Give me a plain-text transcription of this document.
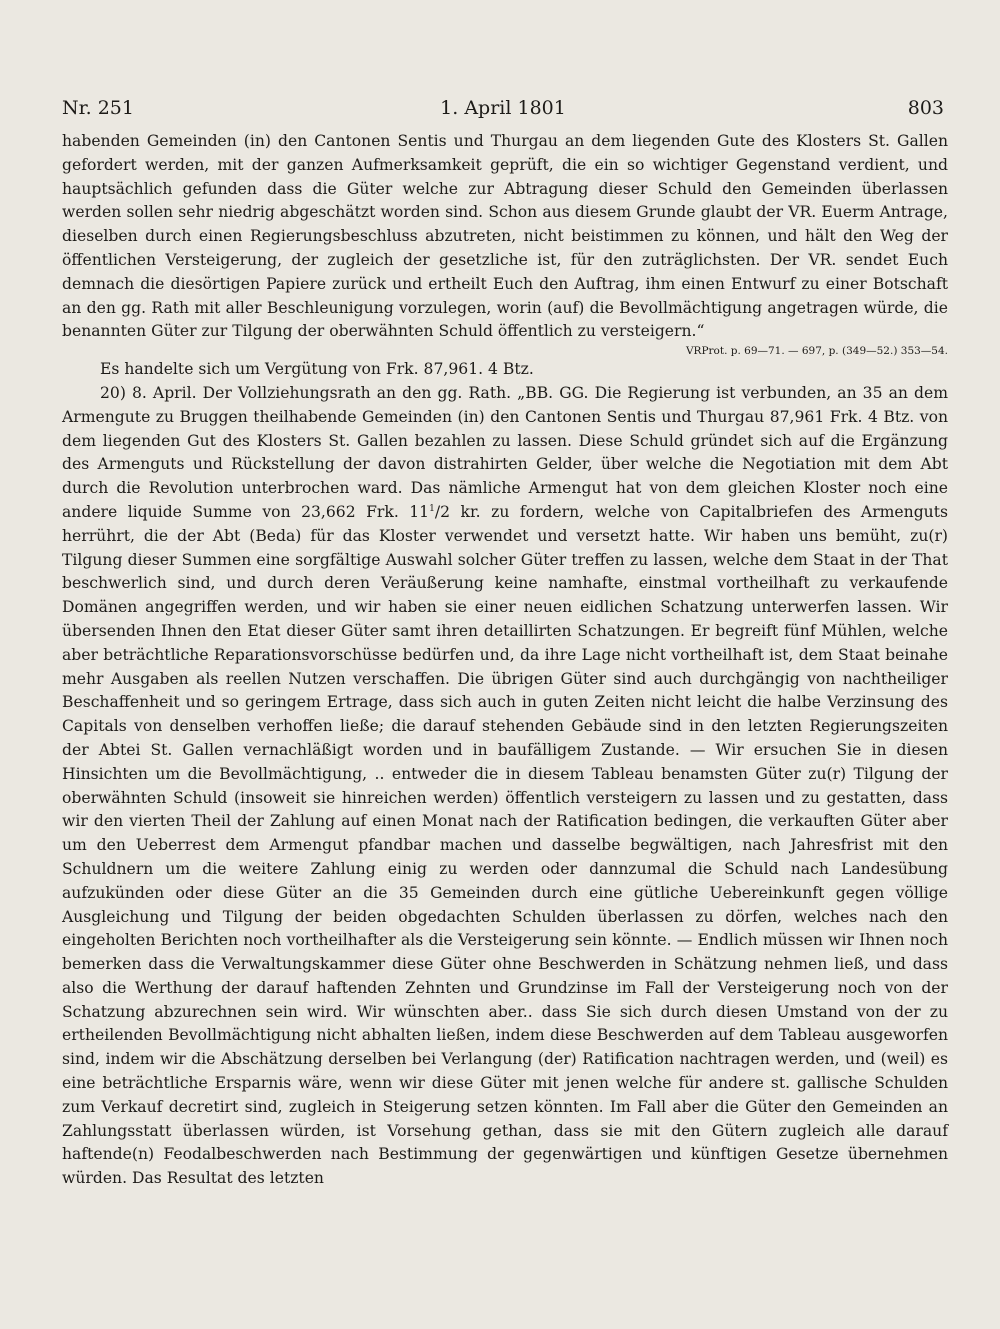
Nr. 251	1. April 1801	803

habenden Gemeinden (in) den Cantonen Sentis und Thurgau an dem liegenden Gute des Klosters St. Gallen gefordert werden, mit der ganzen Aufmerksamkeit geprüft, die ein so wichtiger Gegenstand verdient, und hauptsächlich gefunden dass die Güter welche zur Abtragung dieser Schuld den Gemeinden überlassen werden sollen sehr niedrig abgeschätzt worden sind. Schon aus diesem Grunde glaubt der VR. Euerm Antrage, dieselben durch einen Regierungsbeschluss abzutreten, nicht beistimmen zu können, und hält den Weg der öffentlichen Versteigerung, der zugleich der gesetzliche ist, für den zuträglichsten. Der VR. sendet Euch demnach die diesörtigen Papiere zurück und ertheilt Euch den Auftrag, ihm einen Entwurf zu einer Botschaft an den gg. Rath mit aller Beschleunigung vorzulegen, worin (auf) die Bevollmächtigung angetragen würde, die benannten Güter zur Tilgung der oberwähnten Schuld öffentlich zu versteigern.“

VRProt. p. 69—71. — 697, p. (349—52.) 353—54.

Es handelte sich um Vergütung von Frk. 87,961. 4 Btz.

20) 8. April. Der Vollziehungsrath an den gg. Rath. „BB. GG. Die Regierung ist verbunden, an 35 an dem Armengute zu Bruggen theilhabende Gemeinden (in) den Cantonen Sentis und Thurgau 87,961 Frk. 4 Btz. von dem liegenden Gut des Klosters St. Gallen bezahlen zu lassen. Diese Schuld gründet sich auf die Ergänzung des Armenguts und Rückstellung der davon distrahirten Gelder, über welche die Negotiation mit dem Abt durch die Revolution unterbrochen ward. Das nämliche Armengut hat von dem gleichen Kloster noch eine andere liquide Summe von 23,662 Frk. $11^1/2$ kr. zu fordern, welche von Capitalbriefen des Armenguts herrührt, die der Abt (Beda) für das Kloster verwendet und versetzt hatte. Wir haben uns bemüht, zu(r) Tilgung dieser Summen eine sorgfältige Auswahl solcher Güter treffen zu lassen, welche dem Staat in der That beschwerlich sind, und durch deren Veräußerung keine namhafte, einstmal vortheilhaft zu verkaufende Domänen angegriffen werden, und wir haben sie einer neuen eidlichen Schatzung unterwerfen lassen. Wir übersenden Ihnen den Etat dieser Güter samt ihren detaillirten Schatzungen. Er begreift fünf Mühlen, welche aber beträchtliche Reparationsvorschüsse bedürfen und, da ihre Lage nicht vortheilhaft ist, dem Staat beinahe mehr Ausgaben als reellen Nutzen verschaffen. Die übrigen Güter sind auch durchgängig von nachtheiliger Beschaffenheit und so geringem Ertrage, dass sich auch in guten Zeiten nicht leicht die halbe Verzinsung des Capitals von denselben verhoffen ließe; die darauf stehenden Gebäude sind in den letzten Regierungszeiten der Abtei St. Gallen vernachläßigt worden und in baufälligem Zustande. — Wir ersuchen Sie in diesen Hinsichten um die Bevollmächtigung, .. entweder die in diesem Tableau benamsten Güter zu(r) Tilgung der oberwähnten Schuld (insoweit sie hinreichen werden) öffentlich versteigern zu lassen und zu gestatten, dass wir den vierten Theil der Zahlung auf einen Monat nach der Ratification bedingen, die verkauften Güter aber um den Ueberrest dem Armengut pfandbar machen und dasselbe begwältigen, nach Jahresfrist mit den Schuldnern um die weitere Zahlung einig zu werden oder dannzumal die Schuld nach Landesübung aufzukünden oder diese Güter an die 35 Gemeinden durch eine gütliche Uebereinkunft gegen völlige Ausgleichung und Tilgung der beiden obgedachten Schulden überlassen zu dörfen, welches nach den eingeholten Berichten noch vortheilhafter als die Versteigerung sein könnte. — Endlich müssen wir Ihnen noch bemerken dass die Verwaltungskammer diese Güter ohne Beschwerden in Schätzung nehmen ließ, und dass also die Werthung der darauf haftenden Zehnten und Grundzinse im Fall der Versteigerung noch von der Schatzung abzurechnen sein wird. Wir wünschten aber.. dass Sie sich durch diesen Umstand von der zu ertheilenden Bevollmächtigung nicht abhalten ließen, indem diese Beschwerden auf dem Tableau ausgeworfen sind, indem wir die Abschätzung derselben bei Verlangung (der) Ratification nachtragen werden, und (weil) es eine beträchtliche Ersparnis wäre, wenn wir diese Güter mit jenen welche für andere st. gallische Schulden zum Verkauf decretirt sind, zugleich in Steigerung setzen könnten. Im Fall aber die Güter den Gemeinden an Zahlungsstatt überlassen würden, ist Vorsehung gethan, dass sie mit den Gütern zugleich alle darauf haftende(n) Feodalbeschwerden nach Bestimmung der gegenwärtigen und künftigen Gesetze übernehmen würden. Das Resultat des letzten
